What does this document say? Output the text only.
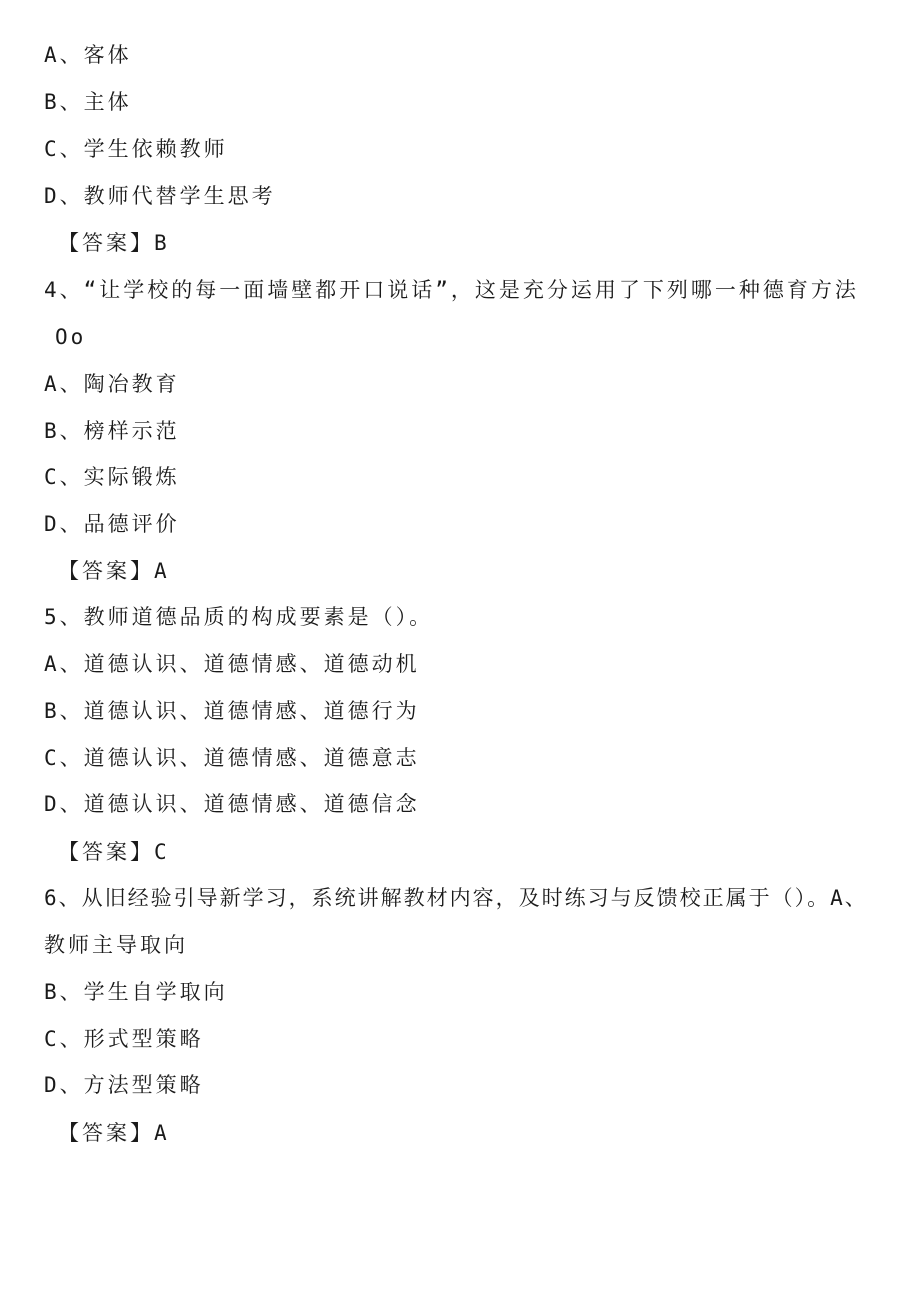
A、客体
B、主体
C、学生依赖教师
D、教师代替学生思考
【答案】B
4、“让学校的每一面墙壁都开口说话”，这是充分运用了下列哪一种德育方法
Oo
A、陶冶教育
B、榜样示范
C、实际锻炼
D、品德评价
【答案】A
5、教师道德品质的构成要素是（）。
A、道德认识、道德情感、道德动机
B、道德认识、道德情感、道德行为
C、道德认识、道德情感、道德意志
D、道德认识、道德情感、道德信念
【答案】C
6、从旧经验引导新学习，系统讲解教材内容，及时练习与反馈校正属于（）。A、
教师主导取向
B、学生自学取向
C、形式型策略
D、方法型策略
【答案】A
